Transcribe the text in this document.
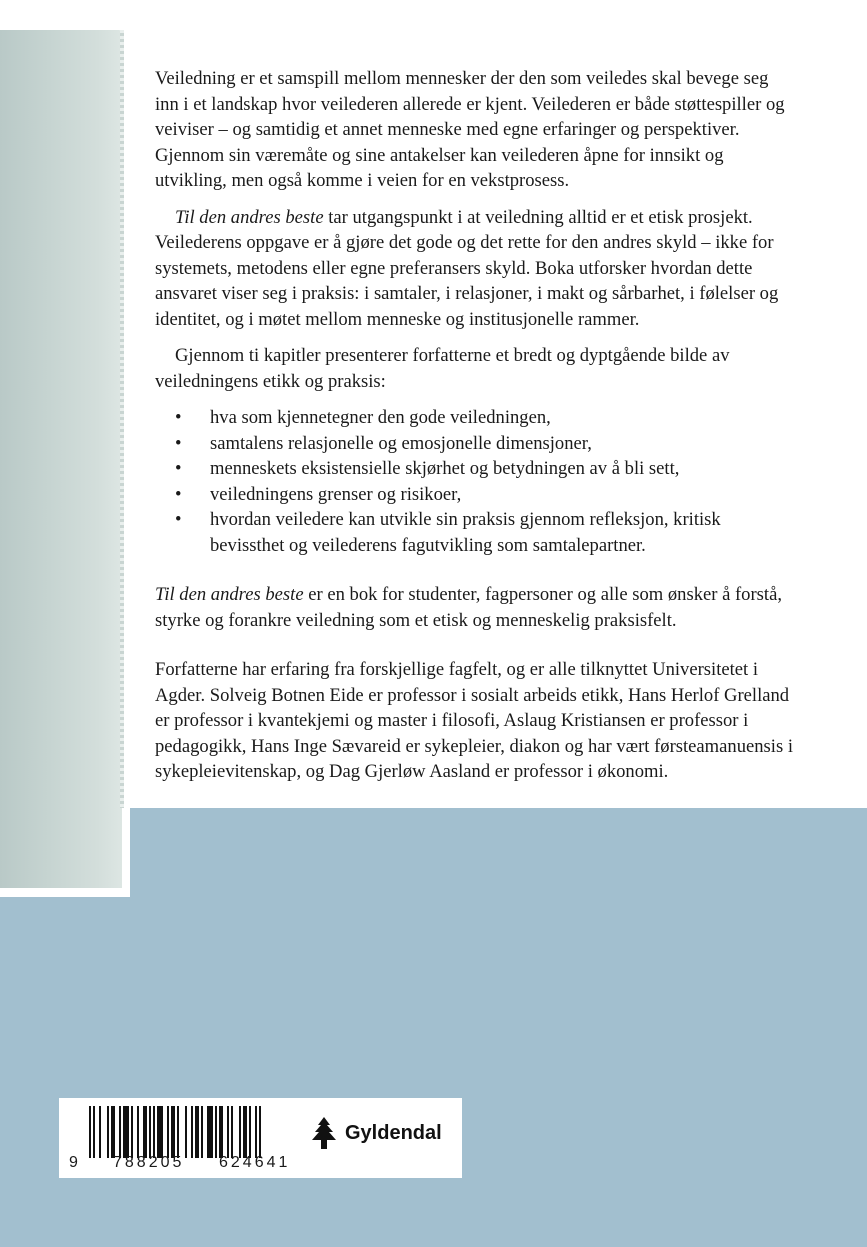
Veiledning er et samspill mellom mennesker der den som veiledes skal bevege seg inn i et landskap hvor veilederen allerede er kjent. Veilederen er både støttespiller og veiviser – og samtidig et annet menneske med egne erfaringer og perspektiver. Gjennom sin væremåte og sine antakelser kan veilederen åpne for innsikt og utvikling, men også komme i veien for en vekstprosess.

Til den andres beste tar utgangspunkt i at veiledning alltid er et etisk prosjekt. Veilederens oppgave er å gjøre det gode og det rette for den andres skyld – ikke for systemets, metodens eller egne preferansers skyld. Boka utforsker hvordan dette ansvaret viser seg i praksis: i samtaler, i relasjoner, i makt og sårbarhet, i følelser og identitet, og i møtet mellom menneske og institusjonelle rammer.

Gjennom ti kapitler presenterer forfatterne et bredt og dyptgående bilde av veiledningens etikk og praksis:

• hva som kjennetegner den gode veiledningen,
• samtalens relasjonelle og emosjonelle dimensjoner,
• menneskets eksistensielle skjørhet og betydningen av å bli sett,
• veiledningens grenser og risikoer,
• hvordan veiledere kan utvikle sin praksis gjennom refleksjon, kritisk bevissthet og veilederens fagutvikling som samtalepartner.

Til den andres beste er en bok for studenter, fagpersoner og alle som ønsker å forstå, styrke og forankre veiledning som et etisk og menneskelig praksisfelt.

Forfatterne har erfaring fra forskjellige fagfelt, og er alle tilknyttet Universitetet i Agder. Solveig Botnen Eide er professor i sosialt arbeids etikk, Hans Herlof Grelland er professor i kvantekjemi og master i filosofi, Aslaug Kristiansen er professor i pedagogikk, Hans Inge Sævareid er sykepleier, diakon og har vært førsteamanuensis i sykepleievitenskap, og Dag Gjerløw Aasland er professor i økonomi.

9 788205 624641
Gyldendal
